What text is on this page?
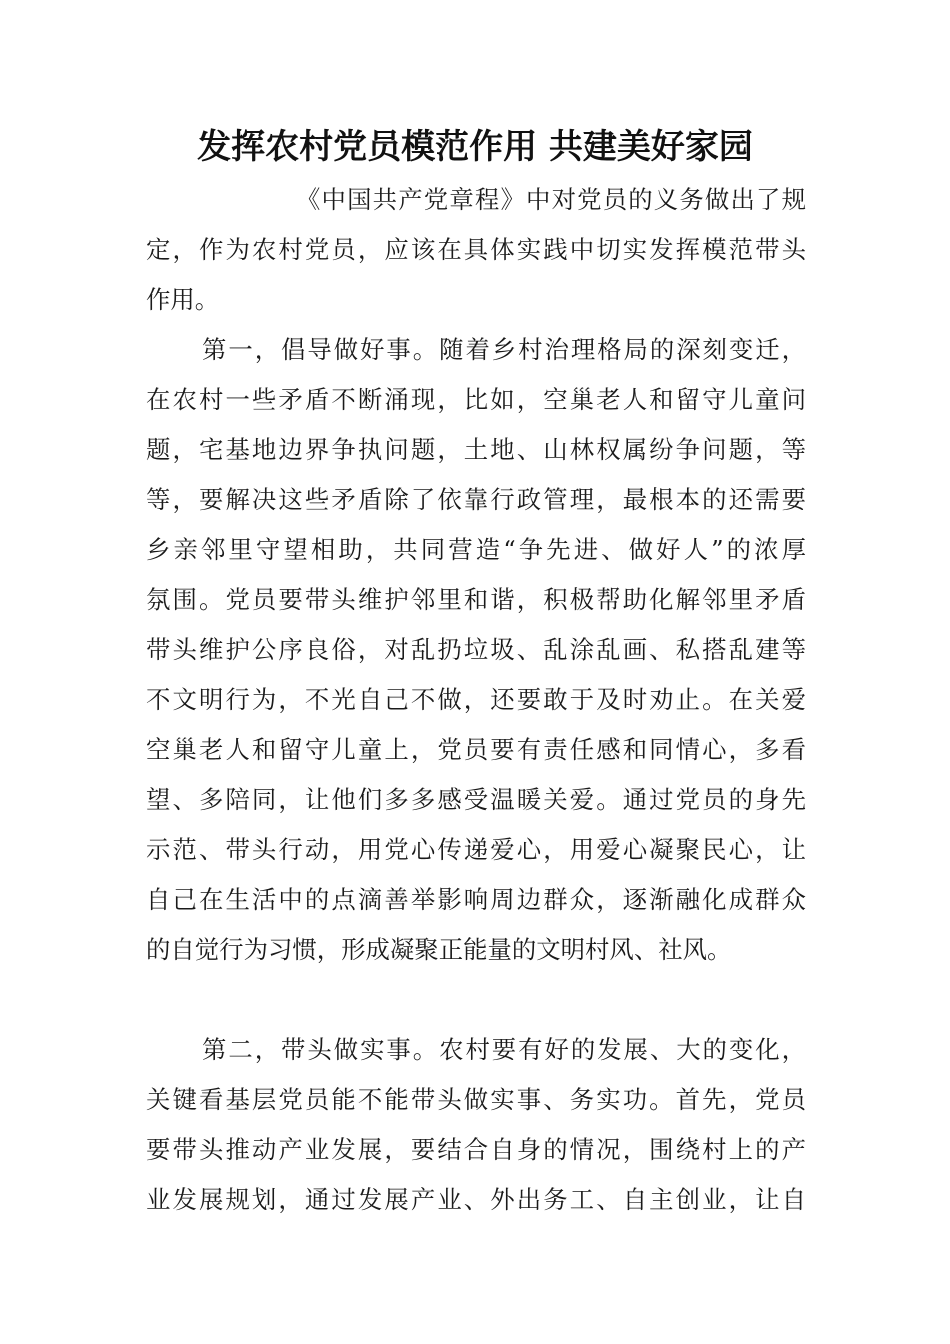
发挥农村党员模范作用 共建美好家园

《中国共产党章程》中对党员的义务做出了规

定，作为农村党员，应该在具体实践中切实发挥模范带头

作用。

第一，倡导做好事。随着乡村治理格局的深刻变迁，

在农村一些矛盾不断涌现，比如，空巢老人和留守儿童问

题，宅基地边界争执问题，土地、山林权属纷争问题，等

等，要解决这些矛盾除了依靠行政管理，最根本的还需要

乡亲邻里守望相助，共同营造“争先进、做好人”的浓厚

氛围。党员要带头维护邻里和谐，积极帮助化解邻里矛盾

带头维护公序良俗，对乱扔垃圾、乱涂乱画、私搭乱建等

不文明行为，不光自己不做，还要敢于及时劝止。在关爱

空巢老人和留守儿童上，党员要有责任感和同情心，多看

望、多陪同，让他们多多感受温暖关爱。通过党员的身先

示范、带头行动，用党心传递爱心，用爱心凝聚民心，让

自己在生活中的点滴善举影响周边群众，逐渐融化成群众

的自觉行为习惯，形成凝聚正能量的文明村风、社风。

第二，带头做实事。农村要有好的发展、大的变化，

关键看基层党员能不能带头做实事、务实功。首先，党员

要带头推动产业发展，要结合自身的情况，围绕村上的产

业发展规划，通过发展产业、外出务工、自主创业，让自
